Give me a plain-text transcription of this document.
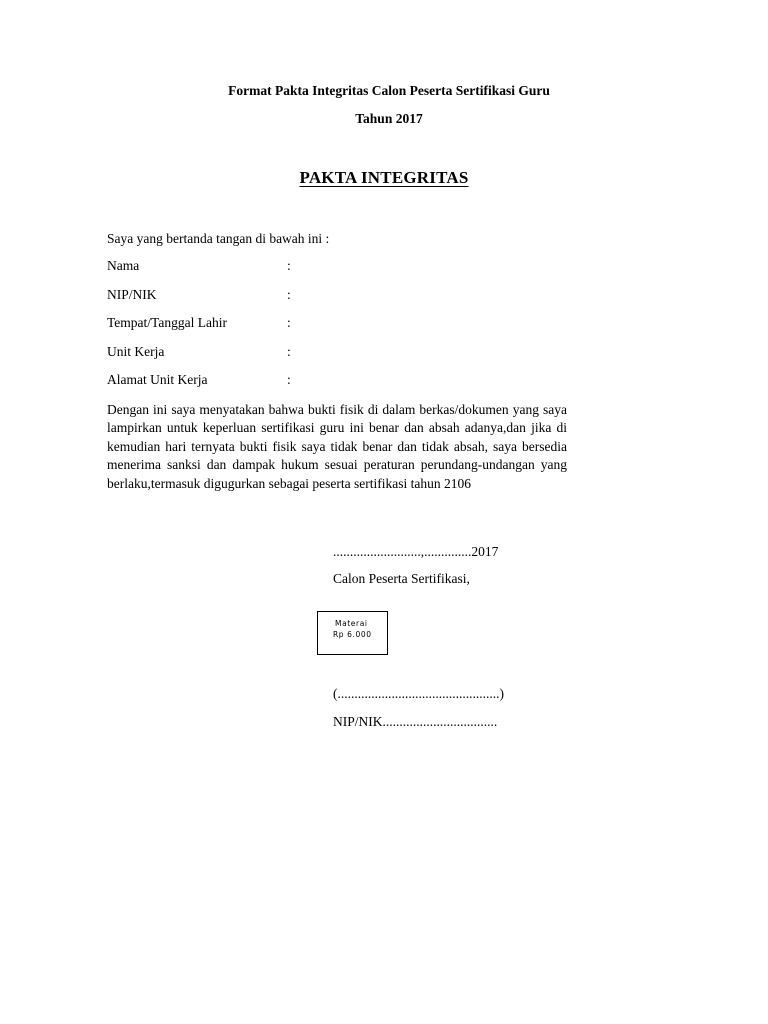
Format Pakta Integritas Calon Peserta Sertifikasi Guru
Tahun 2017
PAKTA INTEGRITAS
Saya yang bertanda tangan di bawah ini :
Nama	:
NIP/NIK	:
Tempat/Tanggal Lahir	:
Unit Kerja	:
Alamat Unit Kerja	:
Dengan ini saya menyatakan bahwa bukti fisik di dalam berkas/dokumen yang saya lampirkan untuk keperluan sertifikasi guru ini benar dan absah adanya,dan jika di kemudian hari ternyata bukti fisik saya tidak benar dan tidak absah, saya bersedia menerima sanksi dan dampak hukum sesuai peraturan perundang-undangan yang berlaku,termasuk digugurkan sebagai peserta sertifikasi tahun 2106
..........................,..............2017
Calon Peserta Sertifikasi,
Materai
Rp 6.000
(................................................)
NIP/NIK..................................
